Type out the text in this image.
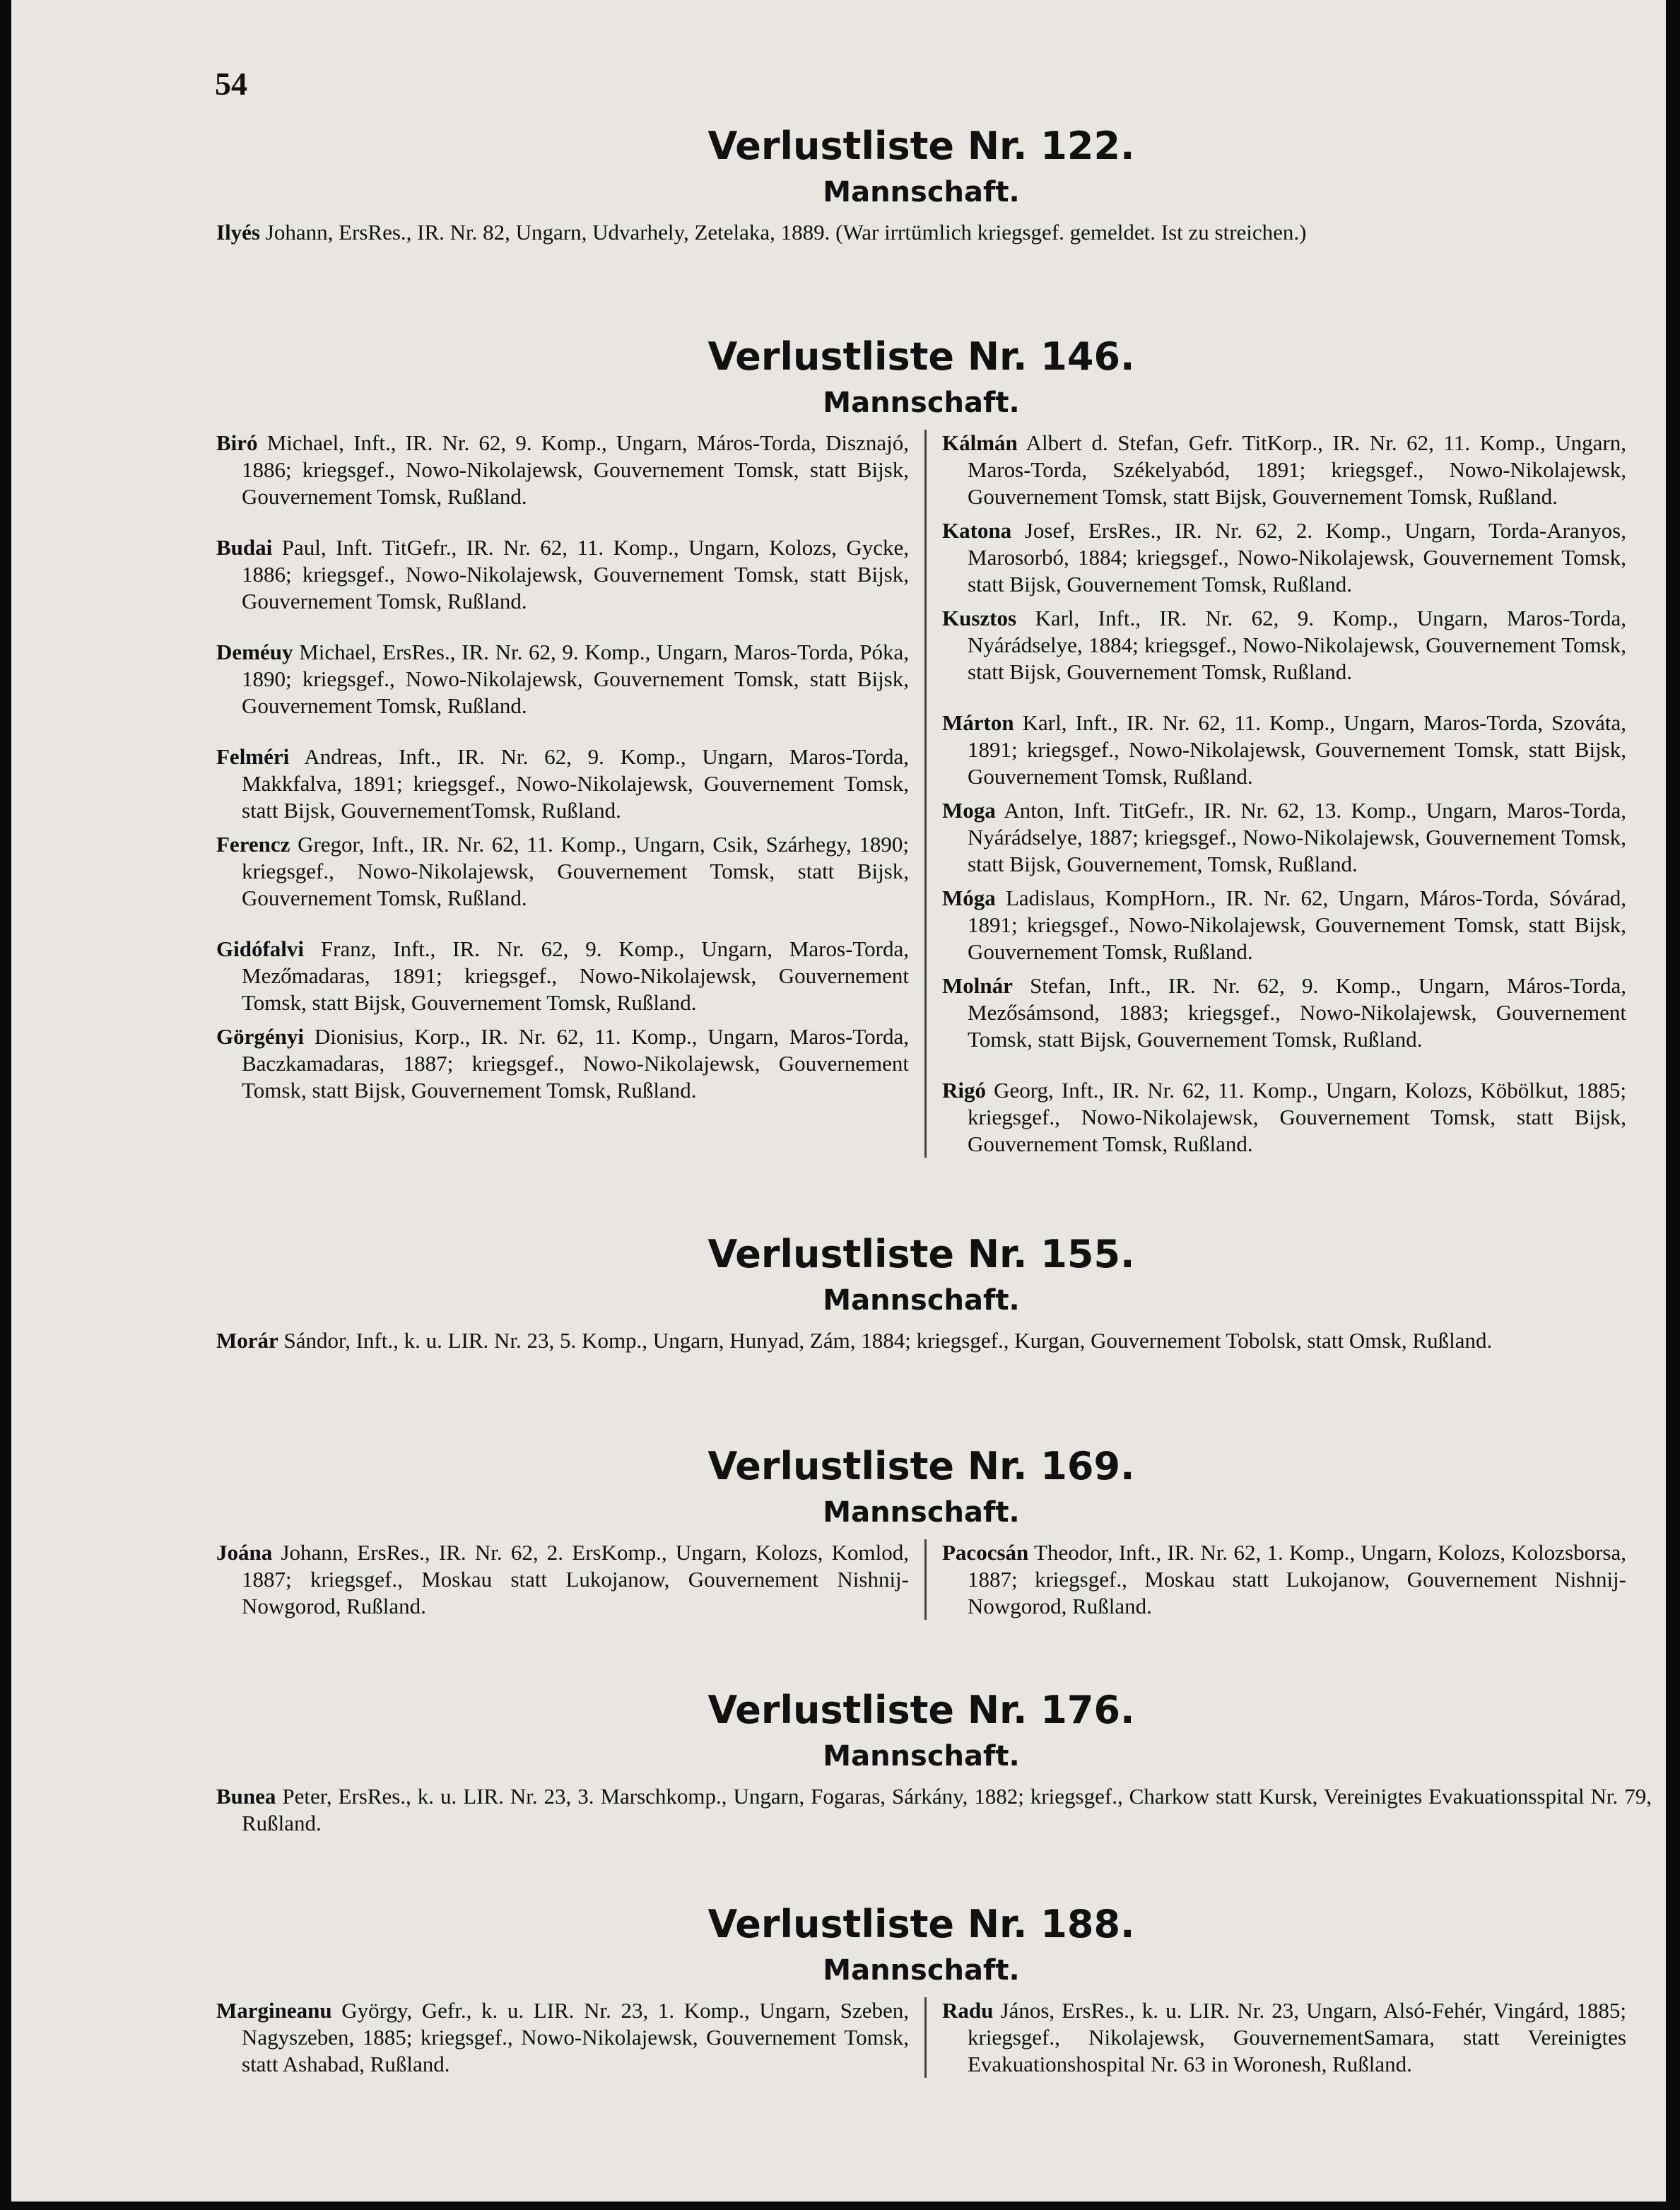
54
Verlustliste Nr. 122.
Mannschaft.

Ilyés Johann, ErsRes., IR. Nr. 82, Ungarn, Udvarhely, Zetelaka, 1889. (War irrtümlich kriegsgef. gemeldet. Ist zu streichen.)

Verlustliste Nr. 146.
Mannschaft.

Biró Michael, Inft., IR. Nr. 62, 9. Komp., Ungarn, Máros-Torda, Disznajó, 1886; kriegsgef., Nowo-Nikolajewsk, Gouvernement Tomsk, statt Bijsk, Gouvernement Tomsk, Rußland.

Budai Paul, Inft. TitGefr., IR. Nr. 62, 11. Komp., Ungarn, Kolozs, Gycke, 1886; kriegsgef., Nowo-Nikolajewsk, Gouvernement Tomsk, statt Bijsk, Gouvernement Tomsk, Rußland.

Deméuy Michael, ErsRes., IR. Nr. 62, 9. Komp., Ungarn, Maros-Torda, Póka, 1890; kriegsgef., Nowo-Nikolajewsk, Gouvernement Tomsk, statt Bijsk, Gouvernement Tomsk, Rußland.

Felméri Andreas, Inft., IR. Nr. 62, 9. Komp., Ungarn, Maros-Torda, Makkfalva, 1891; kriegsgef., Nowo-Nikolajewsk, Gouvernement Tomsk, statt Bijsk, GouvernementTomsk, Rußland.

Ferencz Gregor, Inft., IR. Nr. 62, 11. Komp., Ungarn, Csik, Szárhegy, 1890; kriegsgef., Nowo-Nikolajewsk, Gouvernement Tomsk, statt Bijsk, Gouvernement Tomsk, Rußland.

Gidófalvi Franz, Inft., IR. Nr. 62, 9. Komp., Ungarn, Maros-Torda, Mezőmadaras, 1891; kriegsgef., Nowo-Nikolajewsk, Gouvernement Tomsk, statt Bijsk, Gouvernement Tomsk, Rußland.

Görgényi Dionisius, Korp., IR. Nr. 62, 11. Komp., Ungarn, Maros-Torda, Baczkamadaras, 1887; kriegsgef., Nowo-Nikolajewsk, Gouvernement Tomsk, statt Bijsk, Gouvernement Tomsk, Rußland.

Kálmán Albert d. Stefan, Gefr. TitKorp., IR. Nr. 62, 11. Komp., Ungarn, Maros-Torda, Székelyabód, 1891; kriegsgef., Nowo-Nikolajewsk, Gouvernement Tomsk, statt Bijsk, Gouvernement Tomsk, Rußland.

Katona Josef, ErsRes., IR. Nr. 62, 2. Komp., Ungarn, Torda-Aranyos, Marosorbó, 1884; kriegsgef., Nowo-Nikolajewsk, Gouvernement Tomsk, statt Bijsk, Gouvernement Tomsk, Rußland.

Kusztos Karl, Inft., IR. Nr. 62, 9. Komp., Ungarn, Maros-Torda, Nyárádselye, 1884; kriegsgef., Nowo-Nikolajewsk, Gouvernement Tomsk, statt Bijsk, Gouvernement Tomsk, Rußland.

Márton Karl, Inft., IR. Nr. 62, 11. Komp., Ungarn, Maros-Torda, Szováta, 1891; kriegsgef., Nowo-Nikolajewsk, Gouvernement Tomsk, statt Bijsk, Gouvernement Tomsk, Rußland.

Moga Anton, Inft. TitGefr., IR. Nr. 62, 13. Komp., Ungarn, Maros-Torda, Nyárádselye, 1887; kriegsgef., Nowo-Nikolajewsk, Gouvernement Tomsk, statt Bijsk, Gouvernement, Tomsk, Rußland.

Móga Ladislaus, KompHorn., IR. Nr. 62, Ungarn, Máros-Torda, Sóvárad, 1891; kriegsgef., Nowo-Nikolajewsk, Gouvernement Tomsk, statt Bijsk, Gouvernement Tomsk, Rußland.

Molnár Stefan, Inft., IR. Nr. 62, 9. Komp., Ungarn, Máros-Torda, Mezősámsond, 1883; kriegsgef., Nowo-Nikolajewsk, Gouvernement Tomsk, statt Bijsk, Gouvernement Tomsk, Rußland.

Rigó Georg, Inft., IR. Nr. 62, 11. Komp., Ungarn, Kolozs, Köbölkut, 1885; kriegsgef., Nowo-Nikolajewsk, Gouvernement Tomsk, statt Bijsk, Gouvernement Tomsk, Rußland.

Verlustliste Nr. 155.
Mannschaft.

Morár Sándor, Inft., k. u. LIR. Nr. 23, 5. Komp., Ungarn, Hunyad, Zám, 1884; kriegsgef., Kurgan, Gouvernement Tobolsk, statt Omsk, Rußland.

Verlustliste Nr. 169.
Mannschaft.

Joána Johann, ErsRes., IR. Nr. 62, 2. ErsKomp., Ungarn, Kolozs, Komlod, 1887; kriegsgef., Moskau statt Lukojanow, Gouvernement Nishnij-Nowgorod, Rußland.

Pacocsán Theodor, Inft., IR. Nr. 62, 1. Komp., Ungarn, Kolozs, Kolozsborsa, 1887; kriegsgef., Moskau statt Lukojanow, Gouvernement Nishnij-Nowgorod, Rußland.

Verlustliste Nr. 176.
Mannschaft.

Bunea Peter, ErsRes., k. u. LIR. Nr. 23, 3. Marschkomp., Ungarn, Fogaras, Sárkány, 1882; kriegsgef., Charkow statt Kursk, Vereinigtes Evakuationsspital Nr. 79, Rußland.

Verlustliste Nr. 188.
Mannschaft.

Margineanu György, Gefr., k. u. LIR. Nr. 23, 1. Komp., Ungarn, Szeben, Nagyszeben, 1885; kriegsgef., Nowo-Nikolajewsk, Gouvernement Tomsk, statt Ashabad, Rußland.

Radu János, ErsRes., k. u. LIR. Nr. 23, Ungarn, Alsó-Fehér, Vingárd, 1885; kriegsgef., Nikolajewsk, GouvernementSamara, statt Vereinigtes Evakuationshospital Nr. 63 in Woronesh, Rußland.
